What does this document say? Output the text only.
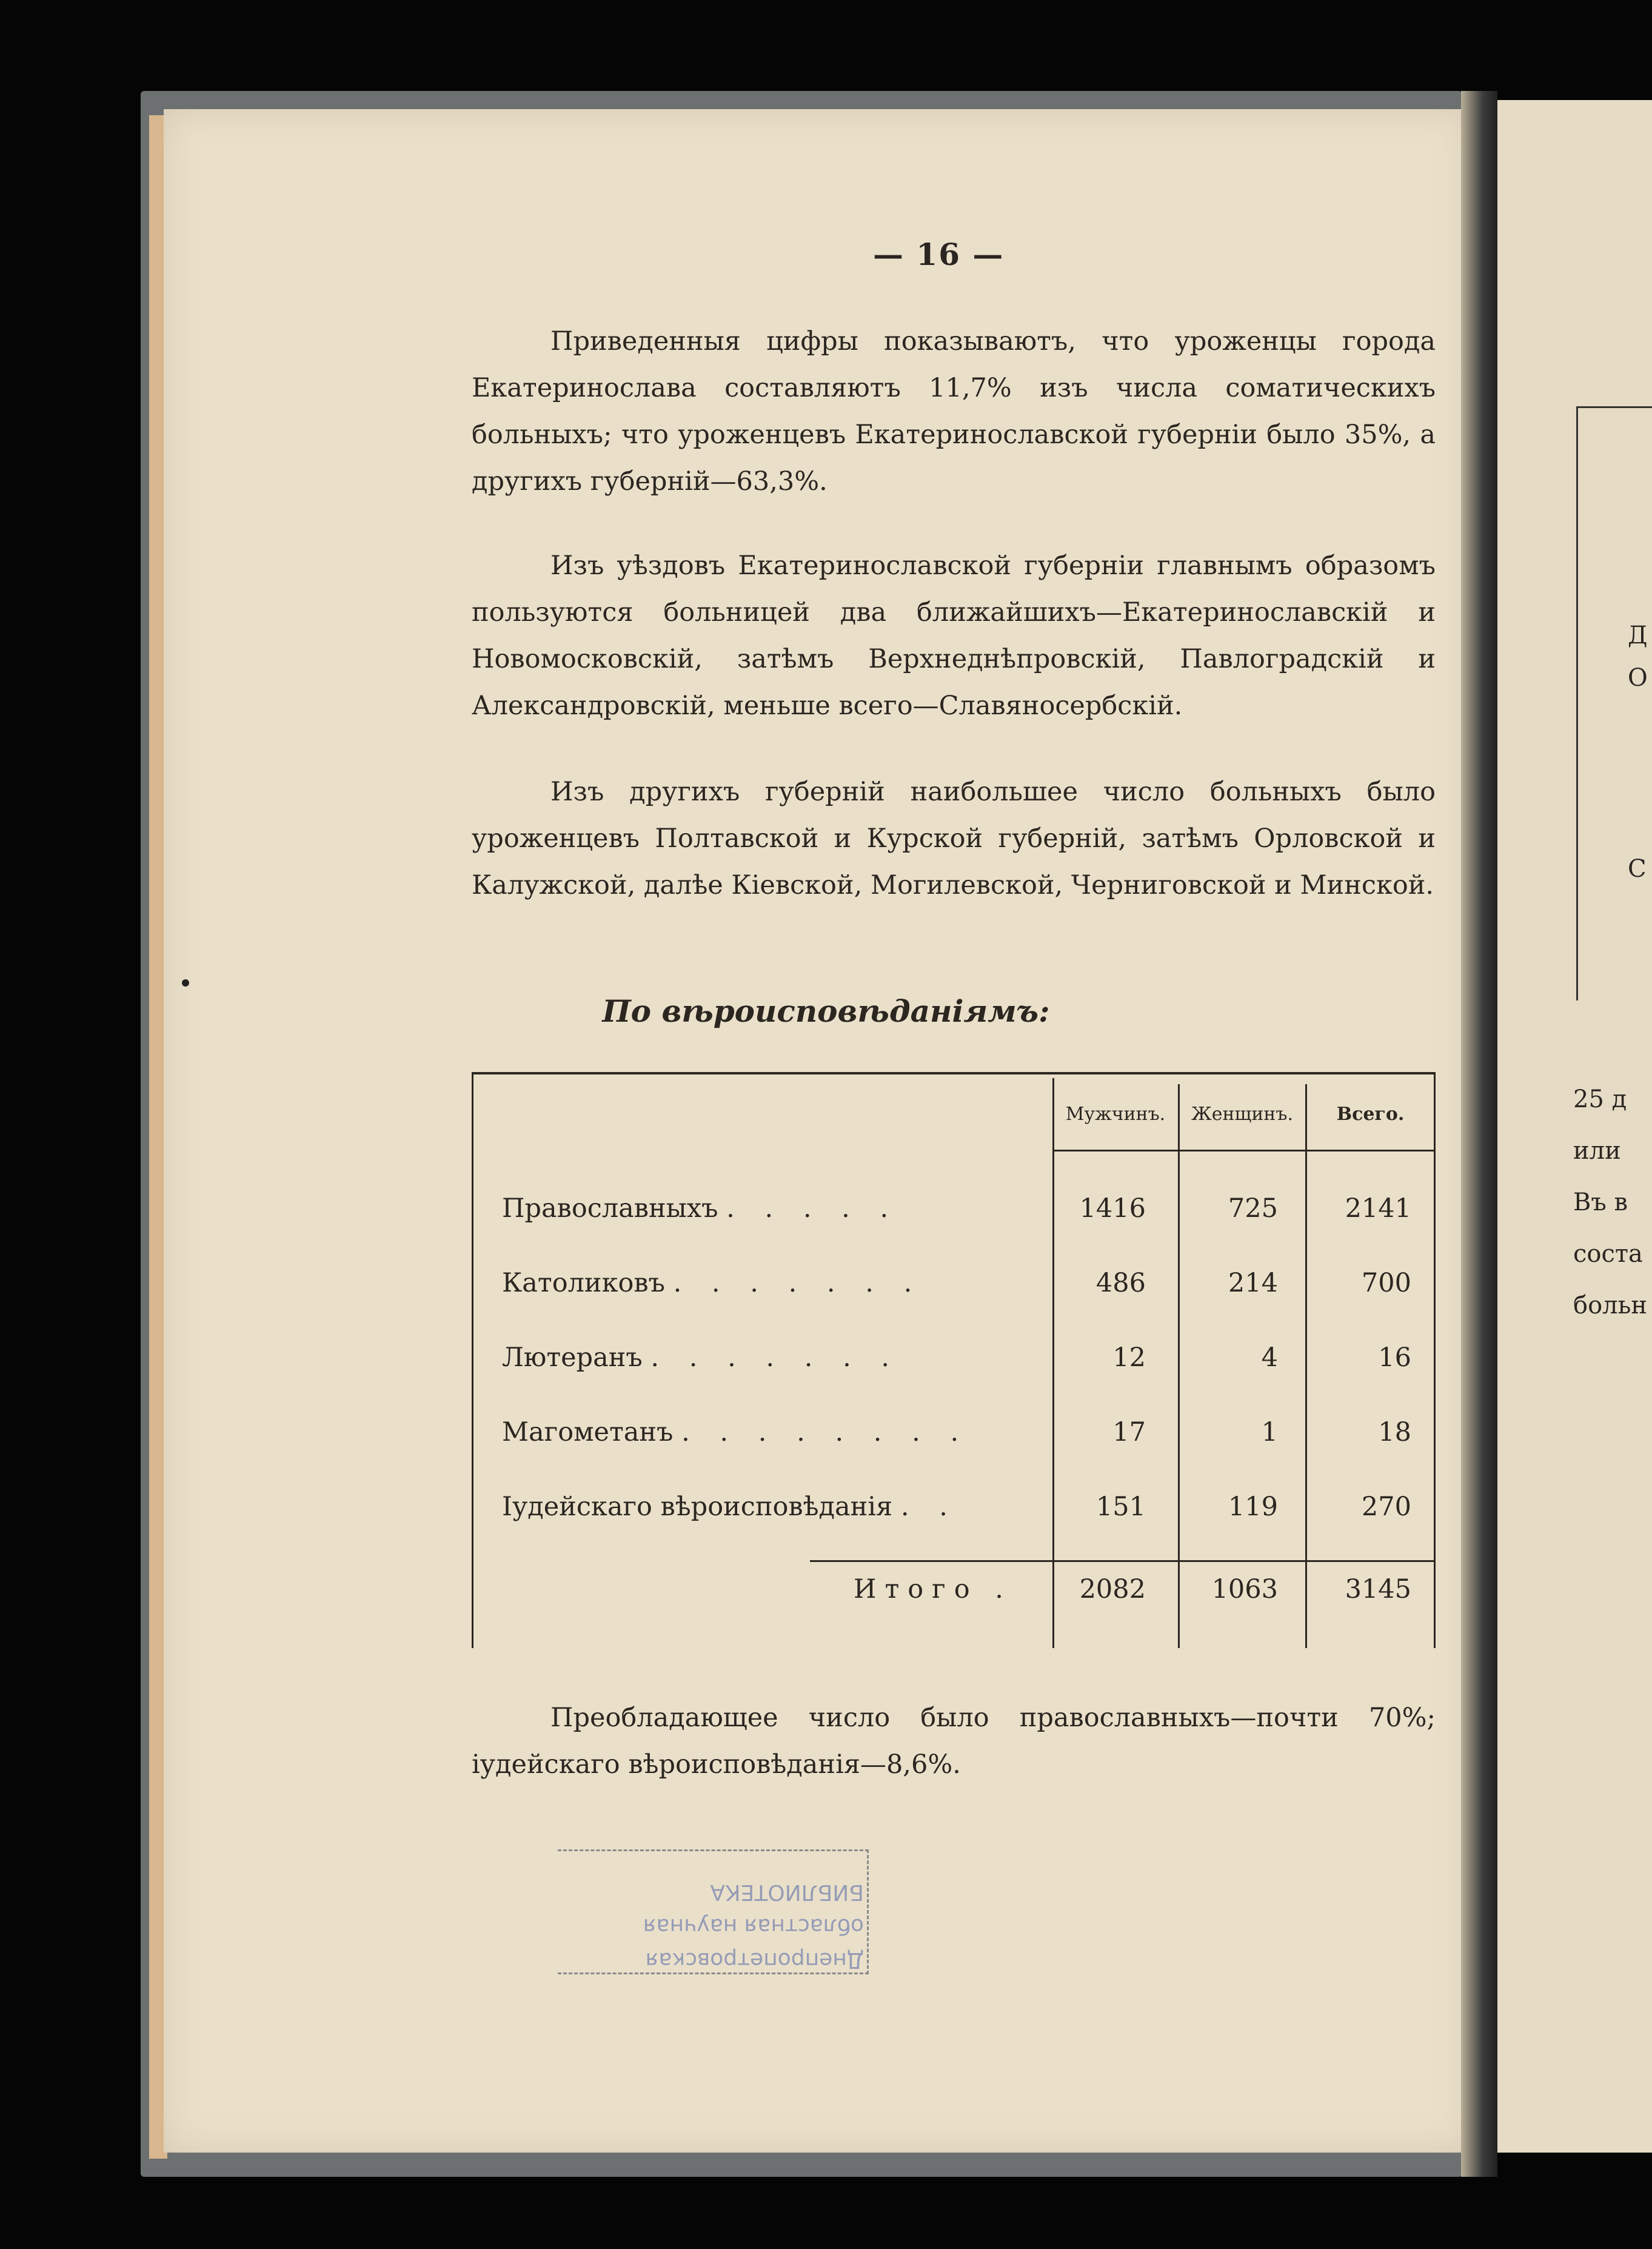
Д
О
С
25 д
или
Въ в
соста
больн
— 16 —
Приведенныя цифры показываютъ, что уроженцы города Екатеринослава составляютъ 11,7% изъ числа соматическихъ больныхъ; что уроженцевъ Екатеринославской губерніи было 35%, а другихъ губерній—63,3%.
Изъ уѣздовъ Екатеринославской губерніи главнымъ образомъ пользуются больницей два ближайшихъ—Екатеринославскій и Новомосковскій, затѣмъ Верхнеднѣпровскій, Павлоградскій и Александровскій, меньше всего—Славяносербскій.
Изъ другихъ губерній наибольшее число больныхъ было уроженцевъ Полтавской и Курской губерній, затѣмъ Орловской и Калужской, далѣе Кіевской, Могилевской, Черниговской и Минской.
По вѣроисповѣданіямъ:
Мужчинъ.	Женщинъ.	Всего.
Православныхъ . . . . .	1416	725	2141
Католиковъ . . . . . . .	486	214	700
Лютеранъ . . . . . . .	12	4	16
Магометанъ . . . . . . . .	17	1	18
Іудейскаго вѣроисповѣданія . .	151	119	270
Итого .	2082	1063	3145
Преобладающее число было православныхъ—почти 70%; іудейскаго вѣроисповѣданія—8,6%.
Днепропетровская
областная научная
БИБЛИОТЕКА
